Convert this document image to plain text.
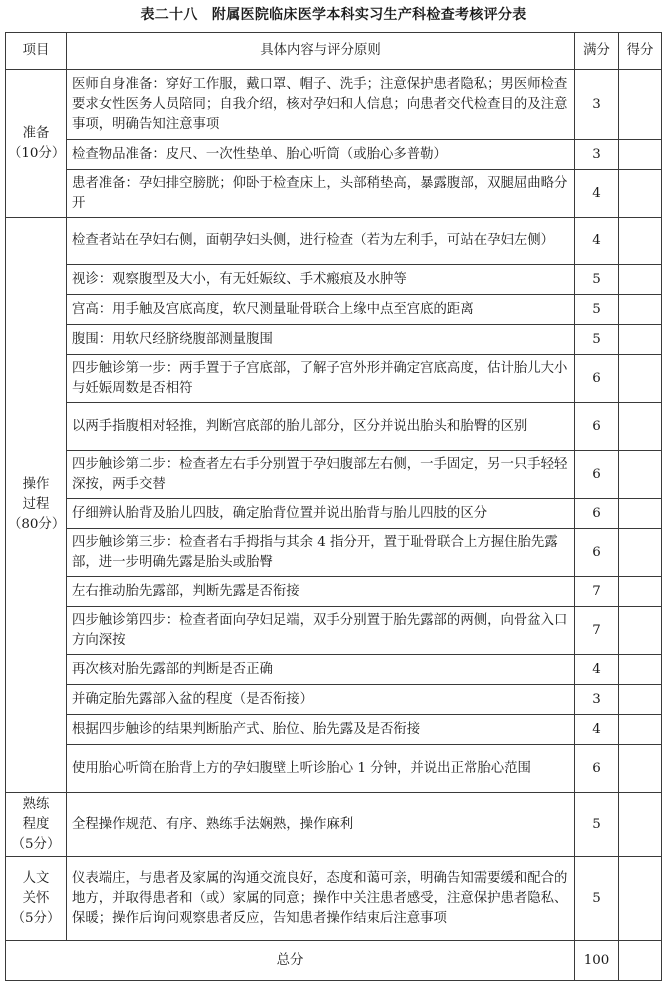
表二十八　附属医院临床医学本科实习生产科检查考核评分表
项目	具体内容与评分原则	满分	得分

准备
（10分）	医师自身准备：穿好工作服，戴口罩、帽子、洗手；注意保护患者隐私；男医师检查要求女性医务人员陪同；自我介绍，核对孕妇和人信息；向患者交代检查目的及注意事项，明确告知注意事项	3	
	检查物品准备：皮尺、一次性垫单、胎心听筒（或胎心多普勒）	3	
	患者准备：孕妇排空膀胱；仰卧于检查床上，头部稍垫高，暴露腹部，双腿屈曲略分开	4	

操作
过程
（80分）	检查者站在孕妇右侧，面朝孕妇头侧，进行检查（若为左利手，可站在孕妇左侧）	4	
	视诊：观察腹型及大小，有无妊娠纹、手术瘢痕及水肿等	5	
	宫高：用手触及宫底高度，软尺测量耻骨联合上缘中点至宫底的距离	5	
	腹围：用软尺经脐绕腹部测量腹围	5	
	四步触诊第一步：两手置于子宫底部，了解子宫外形并确定宫底高度，估计胎儿大小与妊娠周数是否相符	6	
	以两手指腹相对轻推，判断宫底部的胎儿部分，区分并说出胎头和胎臀的区别	6	
	四步触诊第二步：检查者左右手分别置于孕妇腹部左右侧，一手固定，另一只手轻轻深按，两手交替	6	
	仔细辨认胎背及胎儿四肢，确定胎背位置并说出胎背与胎儿四肢的区分	6	
	四步触诊第三步：检查者右手拇指与其余 4 指分开，置于耻骨联合上方握住胎先露部，进一步明确先露是胎头或胎臀	6	
	左右推动胎先露部，判断先露是否衔接	7	
	四步触诊第四步：检查者面向孕妇足端，双手分别置于胎先露部的两侧，向骨盆入口方向深按	7	
	再次核对胎先露部的判断是否正确	4	
	并确定胎先露部入盆的程度（是否衔接）	3	
	根据四步触诊的结果判断胎产式、胎位、胎先露及是否衔接	4	
	使用胎心听筒在胎背上方的孕妇腹壁上听诊胎心 1 分钟，并说出正常胎心范围	6	

熟练
程度
（5分）	全程操作规范、有序、熟练手法娴熟，操作麻利	5	

人文
关怀
（5分）	仪表端庄，与患者及家属的沟通交流良好，态度和蔼可亲，明确告知需要缓和配合的地方，并取得患者和（或）家属的同意；操作中关注患者感受，注意保护患者隐私、保暖；操作后询问观察患者反应，告知患者操作结束后注意事项	5	
总分		100	
